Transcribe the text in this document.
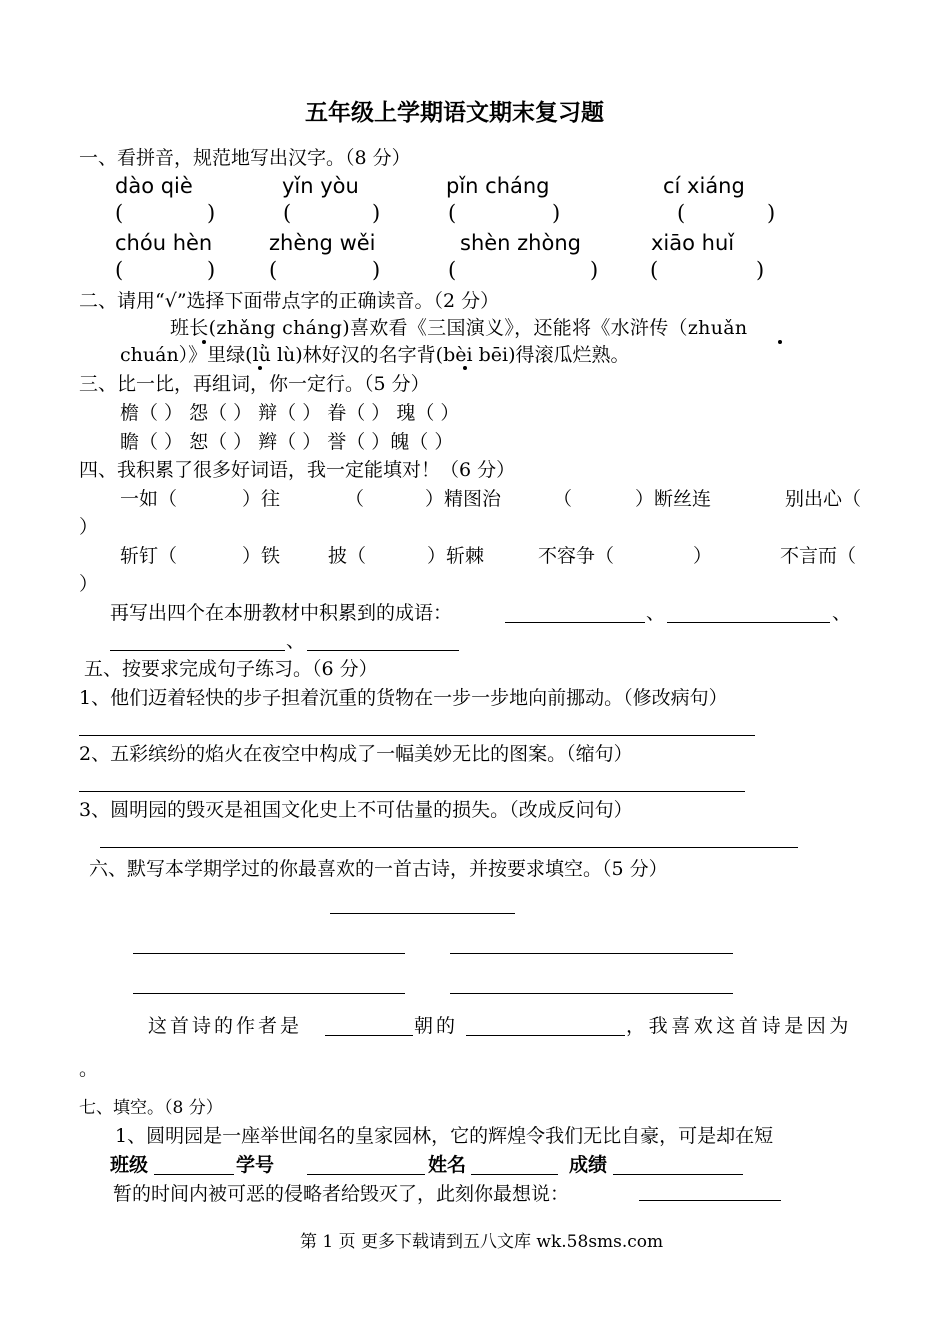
五年级上学期语文期末复习题
一、看拼音，规范地写出汉字。（8 分）
dào qiè	yǐn yòu	pǐn cháng	cí xiáng
(	)	(	)	(	)	(	)
chóu hèn	zhèng wěi	shèn zhòng	xiāo huǐ
(	)	(	)	(	) (	)
二、请用“√”选择下面带点字的正确读音。（2 分）
班长(zhǎng cháng)喜欢看《三国演义》，还能将《水浒传（zhuǎn
chuán）》里绿(lǜ lù)林好汉的名字背(bèi bēi)得滚瓜烂熟。
三、比一比，再组词，你一定行。（5 分）
檐（ ） 怨（ ） 辩（ ） 眷（ ） 瑰（ ）
瞻（ ） 恕（ ） 辫（ ） 誉（ ）魄（ ）
四、我积累了很多好词语，我一定能填对！（6 分）
一如（	）往	（	）精图治	（	）断丝连	别出心（
）
斩钉（	）铁	披（	）斩棘	不容争（	）	不言而（
）
再写出四个在本册教材中积累到的成语：	、	、
、
五、按要求完成句子练习。（6 分）
1、他们迈着轻快的步子担着沉重的货物在一步一步地向前挪动。（修改病句）
2、五彩缤纷的焰火在夜空中构成了一幅美妙无比的图案。（缩句）
3、圆明园的毁灭是祖国文化史上不可估量的损失。（改成反问句）
六、默写本学期学过的你最喜欢的一首古诗，并按要求填空。（5 分）
这首诗的作者是	朝的	，我喜欢这首诗是因为
。
七、填空。（8 分）
1、圆明园是一座举世闻名的皇家园林，它的辉煌令我们无比自豪，可是却在短
班级	学号	姓名	成绩
暂的时间内被可恶的侵略者给毁灭了，此刻你最想说：
第 1 页 更多下载请到五八文库 wk.58sms.com
